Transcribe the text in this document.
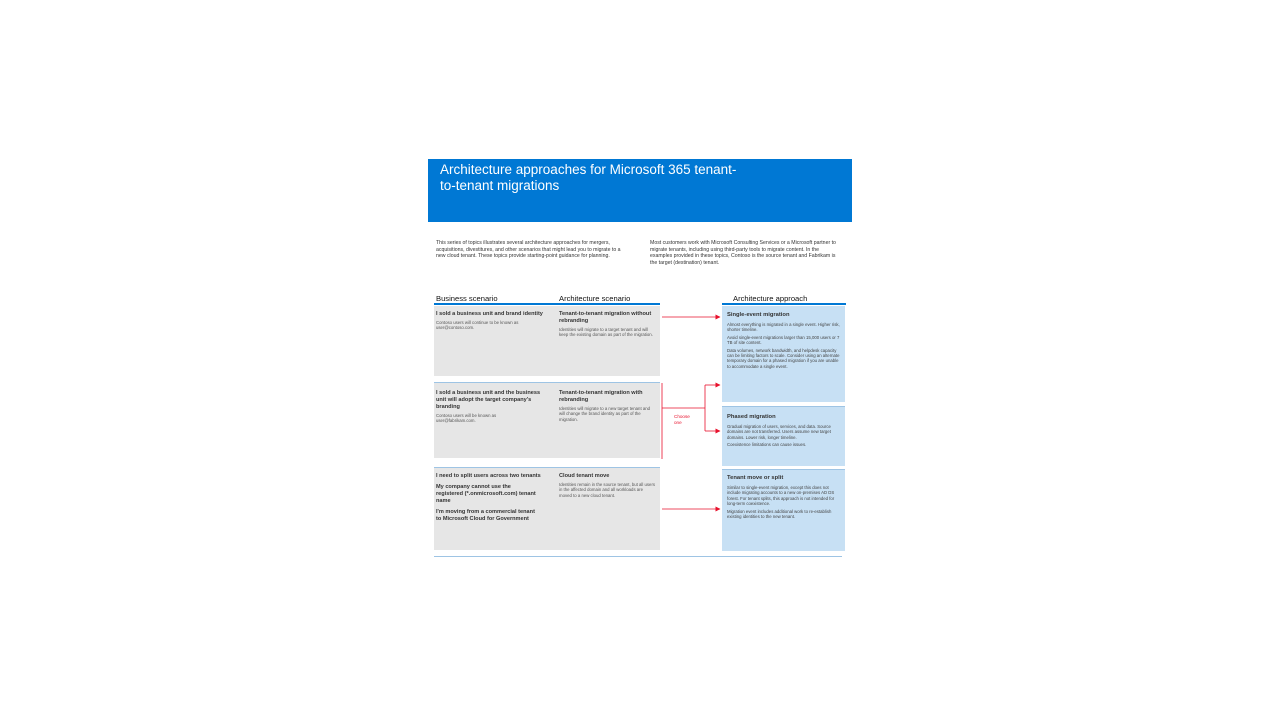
Architecture approaches for Microsoft 365 tenant-to-tenant migrations

This series of topics illustrates several architecture approaches for mergers, acquisitions, divestitures, and other scenarios that might lead you to migrate to a new cloud tenant. These topics provide starting-point guidance for planning.

Most customers work with Microsoft Consulting Services or a Microsoft partner to migrate tenants, including using third-party tools to migrate content. In the examples provided in these topics, Contoso is the source tenant and Fabrikam is the target (destination) tenant.

Business scenario	Architecture scenario	Architecture approach

I sold a business unit and brand identity

Contoso users will continue to be known as user@contoso.com.

Tenant-to-tenant migration without rebranding

Identities will migrate to a target tenant and will keep the existing domain as part of the migration.

I sold a business unit and the business unit will adopt the target company's branding

Contoso users will be known as user@fabrikam.com.

Tenant-to-tenant migration with rebranding

Identities will migrate to a new target tenant and will change the brand identity as part of the migration.

I need to split users across two tenants

My company cannot use the registered (*.onmicrosoft.com) tenant name

I'm moving from a commercial tenant to Microsoft Cloud for Government

Cloud tenant move

Identities remain in the source tenant, but all users in the affected domain and all workloads are moved to a new cloud tenant.

Single-event migration

Almost everything is migrated in a single event. Higher risk, shorter timeline.

Avoid single-event migrations larger than 15,000 users or 7 TB of site content.

Data volumes, network bandwidth, and helpdesk capacity can be limiting factors to scale. Consider using an alternate temporary domain for a phased migration if you are unable to accommodate a single event.

Phased migration

Gradual migration of users, services, and data. Source domains are not transferred. Users assume new target domains. Lower risk, longer timeline.

Coexistence limitations can cause issues.

Tenant move or split

Similar to single-event migration, except this does not include migrating accounts to a new on-premises AD DS forest. For tenant splits, this approach is not intended for long-term coexistence.

Migration event includes additional work to re-establish existing identities to the new tenant.

Choose one
